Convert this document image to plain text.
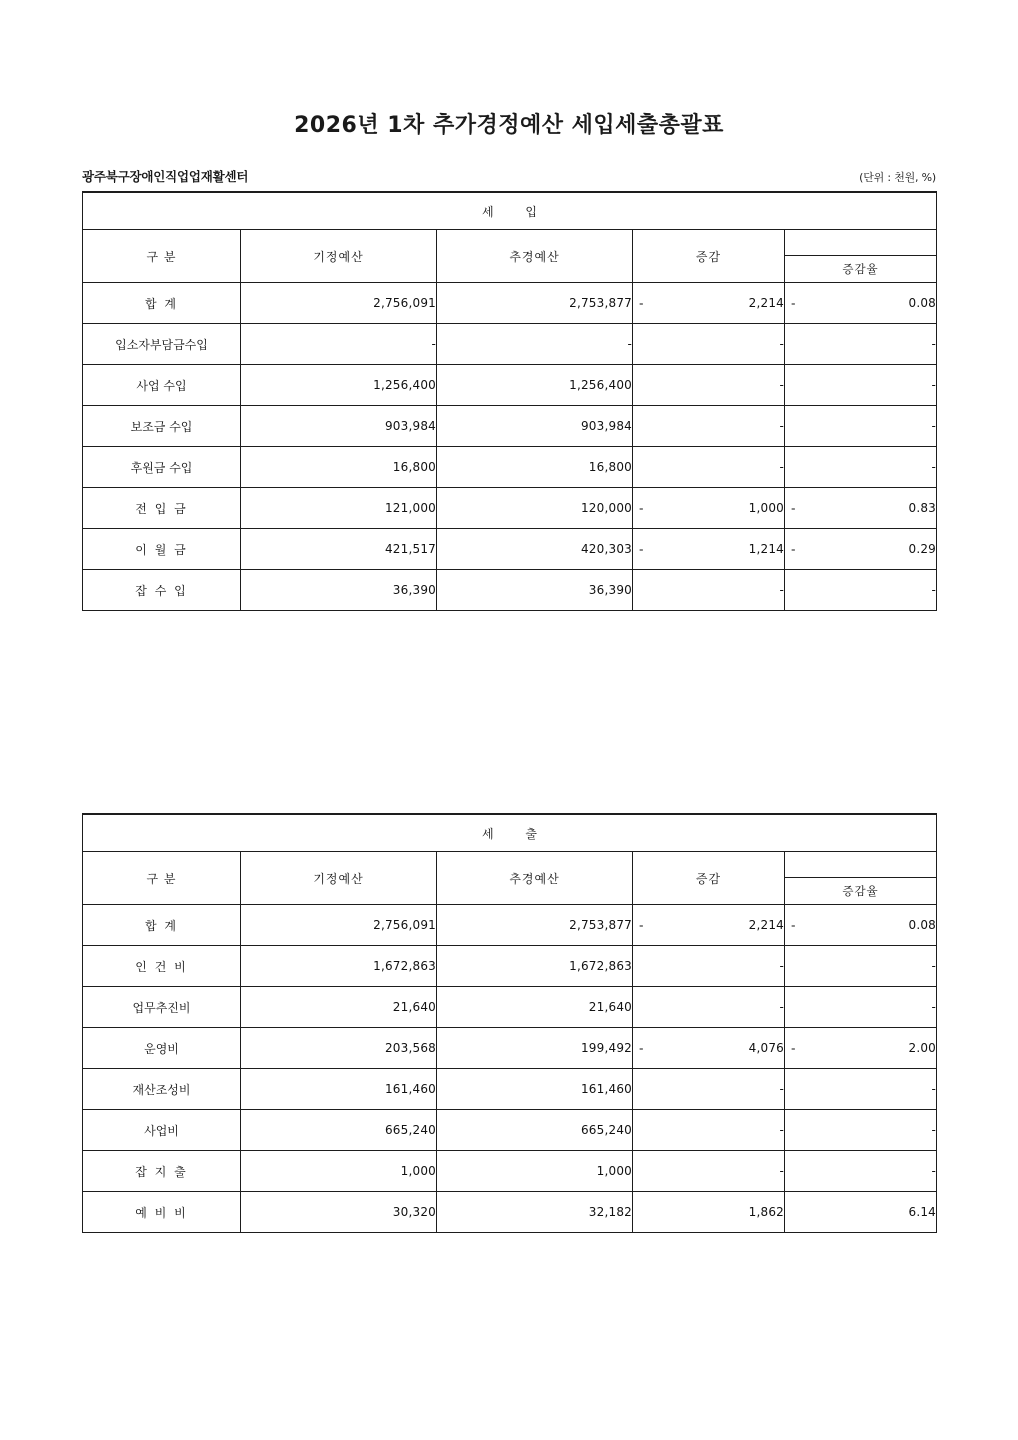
2026년 1차 추가경정예산 세입세출총괄표
광주북구장애인직업업재활센터	(단위 : 천원, %)
세 입				
구 분	기정예산	추경예산	증감	증감율

합 계	2,756,091	2,753,877	- 2,214	- 0.08
입소자부담금수입	-	-	-	-
사업 수입	1,256,400	1,256,400	-	-
보조금 수입	903,984	903,984	-	-
후원금 수입	16,800	16,800	-	-
전 입 금	121,000	120,000	- 1,000	- 0.83
이 월 금	421,517	420,303	- 1,214	- 0.29
잡 수 입	36,390	36,390	-	-
세 출				
구 분	기정예산	추경예산	증감	증감율

합 계	2,756,091	2,753,877	- 2,214	- 0.08
인 건 비	1,672,863	1,672,863	-	-
업무추진비	21,640	21,640	-	-
운영비	203,568	199,492	- 4,076	- 2.00
재산조성비	161,460	161,460	-	-
사업비	665,240	665,240	-	-
잡 지 출	1,000	1,000	-	-
예 비 비	30,320	32,182	1,862	6.14
